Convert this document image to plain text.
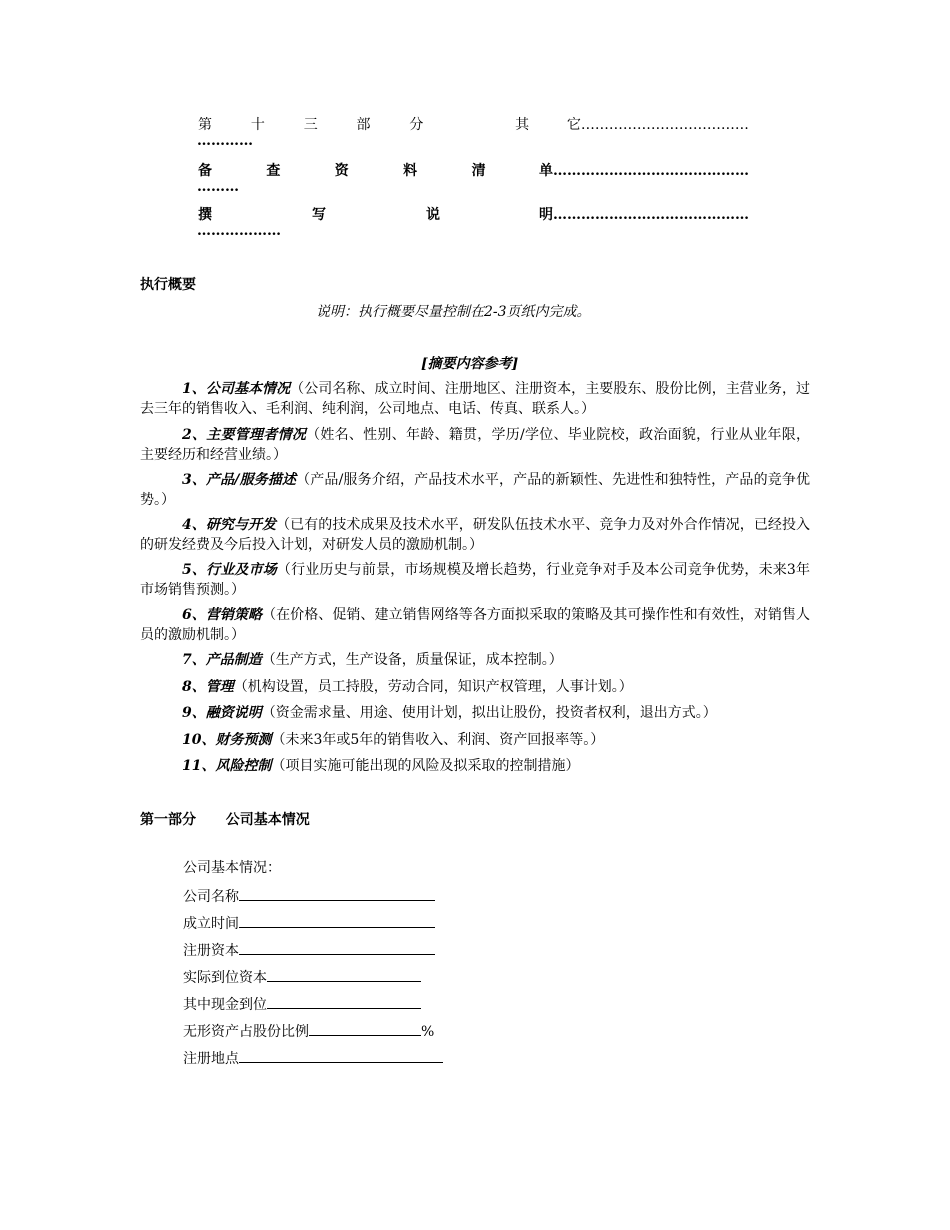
第	十	三	部	分	其	它………………………………
…………
备	查	资	料	清	单……………………………………
………
撰	写	说	明……………………………………
………………
执行概要
说明：执行概要尽量控制在2-3页纸内完成。
[摘要内容参考]
1、公司基本情况（公司名称、成立时间、注册地区、注册资本，主要股东、股份比例，主营业务，过去三年的销售收入、毛利润、纯利润，公司地点、电话、传真、联系人。）
2、主要管理者情况（姓名、性别、年龄、籍贯，学历/学位、毕业院校，政治面貌，行业从业年限，主要经历和经营业绩。）
3、产品/服务描述（产品/服务介绍，产品技术水平，产品的新颖性、先进性和独特性，产品的竞争优势。）
4、研究与开发（已有的技术成果及技术水平，研发队伍技术水平、竞争力及对外合作情况，已经投入的研发经费及今后投入计划，对研发人员的激励机制。）
5、行业及市场（行业历史与前景，市场规模及增长趋势，行业竞争对手及本公司竞争优势，未来3年市场销售预测。）
6、营销策略（在价格、促销、建立销售网络等各方面拟采取的策略及其可操作性和有效性，对销售人员的激励机制。）
7、产品制造（生产方式，生产设备，质量保证，成本控制。）
8、管理（机构设置，员工持股，劳动合同，知识产权管理，人事计划。）
9、融资说明（资金需求量、用途、使用计划，拟出让股份，投资者权利，退出方式。）
10、财务预测（未来3年或5年的销售收入、利润、资产回报率等。）
11、风险控制（项目实施可能出现的风险及拟采取的控制措施）
第一部分 公司基本情况
公司基本情况：
公司名称
成立时间
注册资本
实际到位资本
其中现金到位
无形资产占股份比例	%
注册地点
